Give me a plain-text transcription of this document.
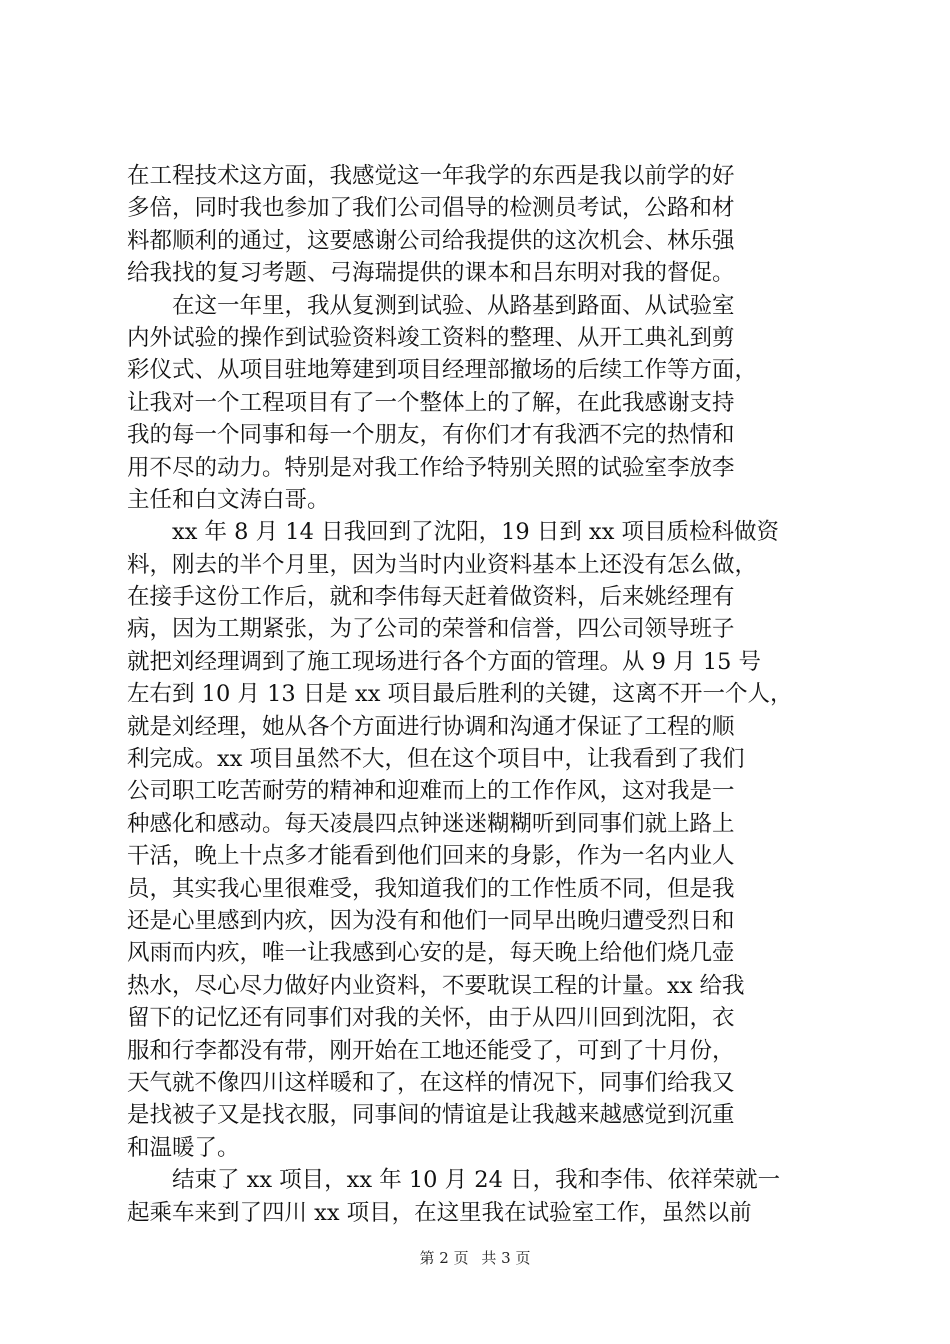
在工程技术这方面，我感觉这一年我学的东西是我以前学的好
多倍，同时我也参加了我们公司倡导的检测员考试，公路和材
料都顺利的通过，这要感谢公司给我提供的这次机会、林乐强
给我找的复习考题、弓海瑞提供的课本和吕东明对我的督促。
　　在这一年里，我从复测到试验、从路基到路面、从试验室
内外试验的操作到试验资料竣工资料的整理、从开工典礼到剪
彩仪式、从项目驻地筹建到项目经理部撤场的后续工作等方面，
让我对一个工程项目有了一个整体上的了解，在此我感谢支持
我的每一个同事和每一个朋友，有你们才有我洒不完的热情和
用不尽的动力。特别是对我工作给予特别关照的试验室李放李
主任和白文涛白哥。
　　xx 年 8 月 14 日我回到了沈阳，19 日到 xx 项目质检科做资
料，刚去的半个月里，因为当时内业资料基本上还没有怎么做，
在接手这份工作后，就和李伟每天赶着做资料，后来姚经理有
病，因为工期紧张，为了公司的荣誉和信誉，四公司领导班子
就把刘经理调到了施工现场进行各个方面的管理。从 9 月 15 号
左右到 10 月 13 日是 xx 项目最后胜利的关键，这离不开一个人，
就是刘经理，她从各个方面进行协调和沟通才保证了工程的顺
利完成。xx 项目虽然不大，但在这个项目中，让我看到了我们
公司职工吃苦耐劳的精神和迎难而上的工作作风，这对我是一
种感化和感动。每天凌晨四点钟迷迷糊糊听到同事们就上路上
干活，晚上十点多才能看到他们回来的身影，作为一名内业人
员，其实我心里很难受，我知道我们的工作性质不同，但是我
还是心里感到内疚，因为没有和他们一同早出晚归遭受烈日和
风雨而内疚，唯一让我感到心安的是，每天晚上给他们烧几壶
热水，尽心尽力做好内业资料，不要耽误工程的计量。xx 给我
留下的记忆还有同事们对我的关怀，由于从四川回到沈阳，衣
服和行李都没有带，刚开始在工地还能受了，可到了十月份，
天气就不像四川这样暖和了，在这样的情况下，同事们给我又
是找被子又是找衣服，同事间的情谊是让我越来越感觉到沉重
和温暖了。
　　结束了 xx 项目，xx 年 10 月 24 日，我和李伟、依祥荣就一
起乘车来到了四川 xx 项目，在这里我在试验室工作，虽然以前
第 2 页 共 3 页
